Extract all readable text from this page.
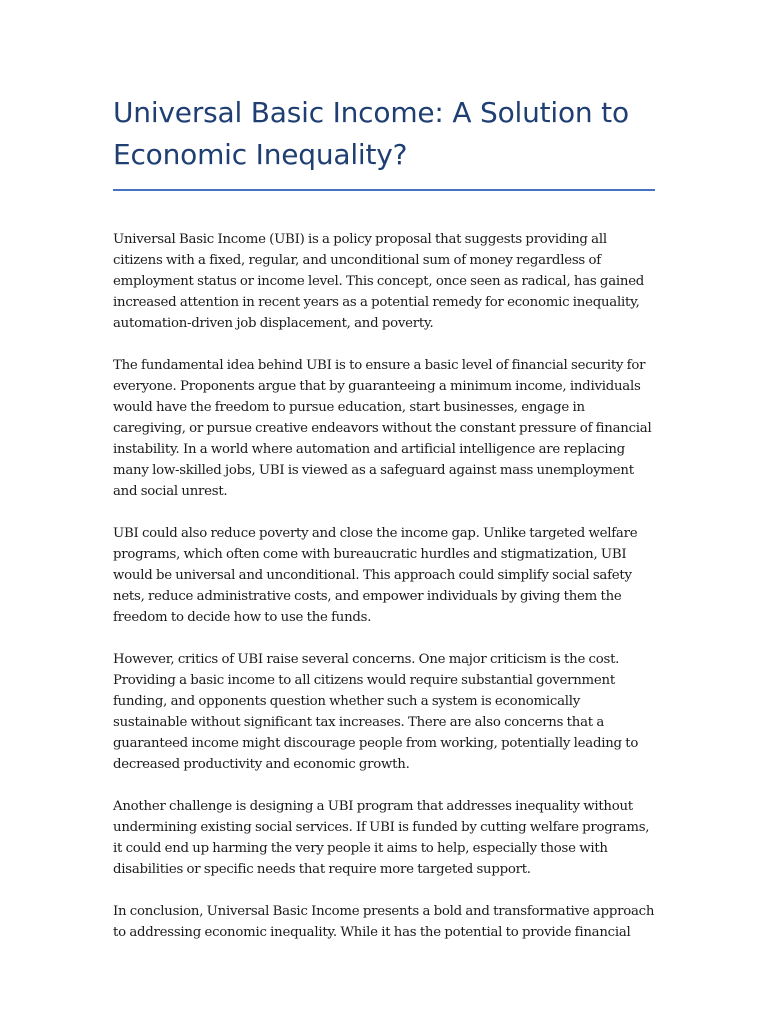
Universal Basic Income: A Solution to Economic Inequality?

Universal Basic Income (UBI) is a policy proposal that suggests providing all citizens with a fixed, regular, and unconditional sum of money regardless of employment status or income level. This concept, once seen as radical, has gained increased attention in recent years as a potential remedy for economic inequality, automation-driven job displacement, and poverty.

The fundamental idea behind UBI is to ensure a basic level of financial security for everyone. Proponents argue that by guaranteeing a minimum income, individuals would have the freedom to pursue education, start businesses, engage in caregiving, or pursue creative endeavors without the constant pressure of financial instability. In a world where automation and artificial intelligence are replacing many low-skilled jobs, UBI is viewed as a safeguard against mass unemployment and social unrest.

UBI could also reduce poverty and close the income gap. Unlike targeted welfare programs, which often come with bureaucratic hurdles and stigmatization, UBI would be universal and unconditional. This approach could simplify social safety nets, reduce administrative costs, and empower individuals by giving them the freedom to decide how to use the funds.

However, critics of UBI raise several concerns. One major criticism is the cost. Providing a basic income to all citizens would require substantial government funding, and opponents question whether such a system is economically sustainable without significant tax increases. There are also concerns that a guaranteed income might discourage people from working, potentially leading to decreased productivity and economic growth.

Another challenge is designing a UBI program that addresses inequality without undermining existing social services. If UBI is funded by cutting welfare programs, it could end up harming the very people it aims to help, especially those with disabilities or specific needs that require more targeted support.

In conclusion, Universal Basic Income presents a bold and transformative approach to addressing economic inequality. While it has the potential to provide financial
